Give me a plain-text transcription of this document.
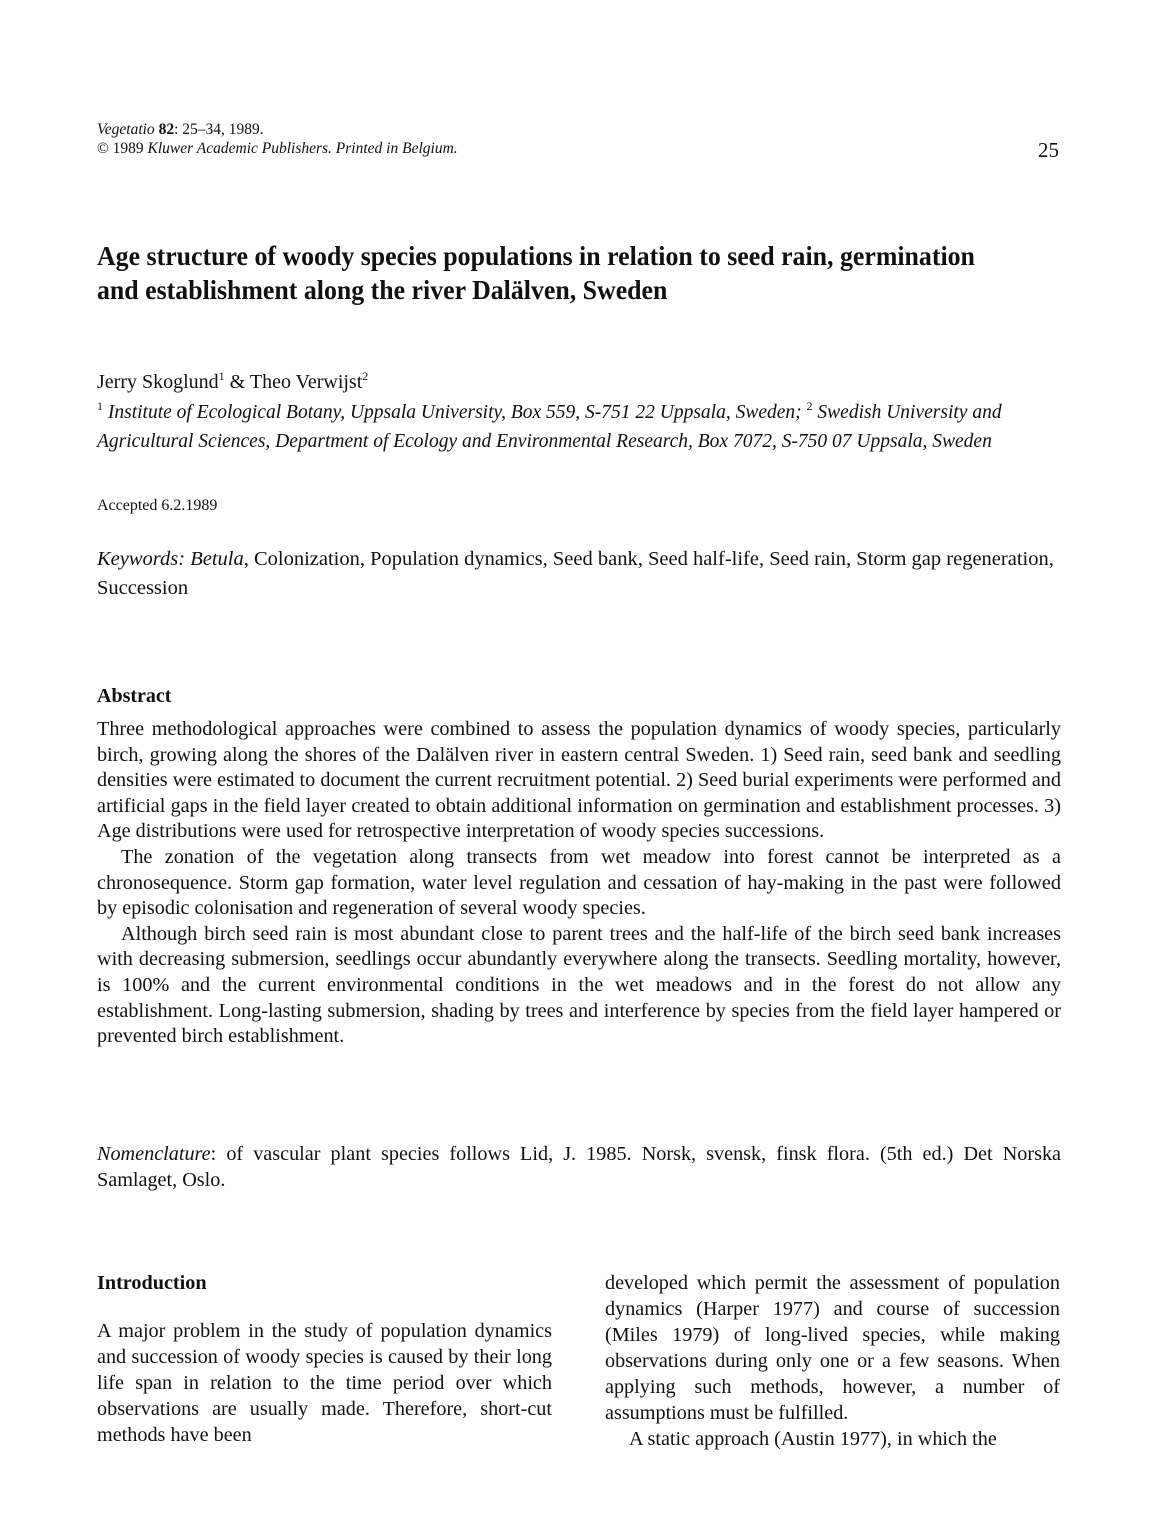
Vegetatio 82: 25–34, 1989.
© 1989 Kluwer Academic Publishers. Printed in Belgium.	25
Age structure of woody species populations in relation to seed rain, germination and establishment along the river Dalälven, Sweden
Jerry Skoglund$^1$ & Theo Verwijst$^2$
$^1$ Institute of Ecological Botany, Uppsala University, Box 559, S-751 22 Uppsala, Sweden; $^2$ Swedish University and Agricultural Sciences, Department of Ecology and Environmental Research, Box 7072, S-750 07 Uppsala, Sweden
Accepted 6.2.1989
Keywords: Betula, Colonization, Population dynamics, Seed bank, Seed half-life, Seed rain, Storm gap regeneration, Succession
Abstract

Three methodological approaches were combined to assess the population dynamics of woody species, particularly birch, growing along the shores of the Dalälven river in eastern central Sweden. 1) Seed rain, seed bank and seedling densities were estimated to document the current recruitment potential. 2) Seed burial experiments were performed and artificial gaps in the field layer created to obtain additional information on germination and establishment processes. 3) Age distributions were used for retrospective interpretation of woody species successions.

The zonation of the vegetation along transects from wet meadow into forest cannot be interpreted as a chronosequence. Storm gap formation, water level regulation and cessation of hay-making in the past were followed by episodic colonisation and regeneration of several woody species.

Although birch seed rain is most abundant close to parent trees and the half-life of the birch seed bank increases with decreasing submersion, seedlings occur abundantly everywhere along the transects. Seedling mortality, however, is 100% and the current environmental conditions in the wet meadows and in the forest do not allow any establishment. Long-lasting submersion, shading by trees and interference by species from the field layer hampered or prevented birch establishment.

Nomenclature: of vascular plant species follows Lid, J. 1985. Norsk, svensk, finsk flora. (5th ed.) Det Norska Samlaget, Oslo.
Introduction

A major problem in the study of population dynamics and succession of woody species is caused by their long life span in relation to the time period over which observations are usually made. Therefore, short-cut methods have been

developed which permit the assessment of population dynamics (Harper 1977) and course of succession (Miles 1979) of long-lived species, while making observations during only one or a few seasons. When applying such methods, however, a number of assumptions must be fulfilled.

A static approach (Austin 1977), in which the
